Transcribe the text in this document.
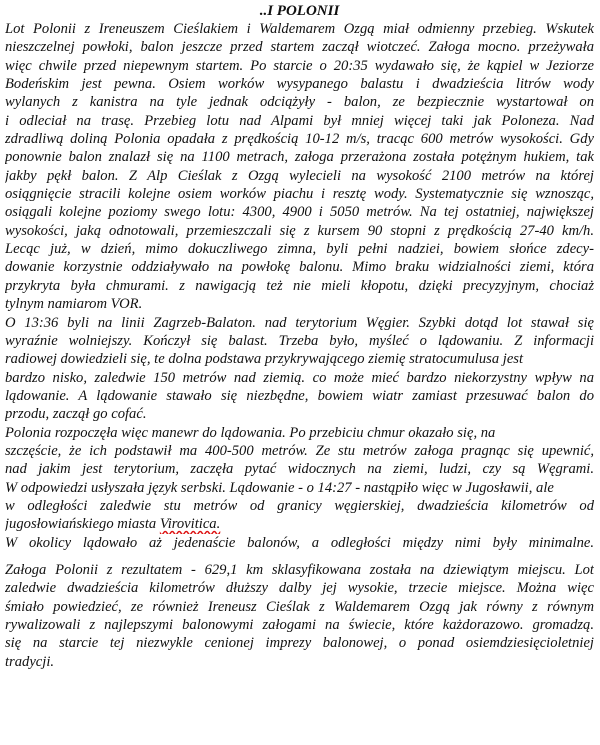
..I POLONII
Lot Polonii z Ireneuszem Cieślakiem i Waldemarem Ozgą miał odmienny przebieg. Wskutek
nieszczelnej powłoki, balon jeszcze przed startem zaczął wiotczeć. Załoga mocno. przeżywała
więc chwile przed niepewnym startem. Po starcie o 20:35 wydawało się, że kąpiel w Jeziorze
Bodeńskim jest pewna. Osiem worków wysypanego balastu i dwadzieścia litrów wody
wylanych z kanistra na tyle jednak odciążyły - balon, ze bezpiecznie wystartował on
i odleciał na trasę. Przebieg lotu nad Alpami był mniej więcej taki jak Poloneza. Nad
zdradliwą doliną Polonia opadała z prędkością 10-12 m/s, tracąc 600 metrów wysokości. Gdy
ponownie balon znalazł się na 1100 metrach, załoga przerażona została potężnym hukiem, tak
jakby pękł balon. Z Alp Cieślak z Ozgą wylecieli na wysokość 2100 metrów na której
osiągnięcie stracili kolejne osiem worków piachu i resztę wody. Systematycznie się wznosząc,
osiągali kolejne poziomy swego lotu: 4300, 4900 i 5050 metrów. Na tej ostatniej, największej
wysokości, jaką odnotowali, przemieszczali się z kursem 90 stopni z prędkością 27-40 km/h.
Lecąc już, w dzień, mimo dokuczliwego zimna, byli pełni nadziei, bowiem słońce zdecy-
dowanie korzystnie oddziaływało na powłokę balonu. Mimo braku widzialności ziemi, która
przykryta była chmurami. z nawigacją też nie mieli kłopotu, dzięki precyzyjnym, chociaż
tylnym namiarom VOR.
O 13:36 byli na linii Zagrzeb-Balaton. nad terytorium Węgier. Szybki dotąd lot stawał się
wyraźnie wolniejszy. Kończył się balast. Trzeba było, myśleć o lądowaniu. Z informacji
radiowej dowiedzieli się, te dolna podstawa przykrywającego ziemię stratocumulusa jest
bardzo nisko, zaledwie 150 metrów nad ziemią. co może mieć bardzo niekorzystny wpływ na
lądowanie. A lądowanie stawało się niezbędne, bowiem wiatr zamiast przesuwać balon do
przodu, zaczął go cofać.
Polonia rozpoczęła więc manewr do lądowania. Po przebiciu chmur okazało się, na
szczęście, że ich podstawił ma 400-500 metrów. Ze stu metrów załoga pragnąc się upewnić,
nad jakim jest terytorium, zaczęła pytać widocznych na ziemi, ludzi, czy są Węgrami.
W odpowiedzi usłyszała język serbski. Lądowanie - o 14:27 - nastąpiło więc w Jugosławii, ale
w odległości zaledwie stu metrów od granicy węgierskiej, dwadzieścia kilometrów od
jugosłowiańskiego miasta Virovitica.
W okolicy lądowało aż jedenaście balonów, a odległości między nimi były minimalne.
Załoga Polonii z rezultatem - 629,1 km sklasyfikowana została na dziewiątym miejscu. Lot
zaledwie dwadzieścia kilometrów dłuższy dalby jej wysokie, trzecie miejsce. Można więc
śmiało powiedzieć, ze również Ireneusz Cieślak z Waldemarem Ozgą jak równy z równym
rywalizowali z najlepszymi balonowymi załogami na świecie, które każdorazowo. gromadzą.
się na starcie tej niezwykle cenionej imprezy balonowej, o ponad osiemdziesięcioletniej
tradycji.
